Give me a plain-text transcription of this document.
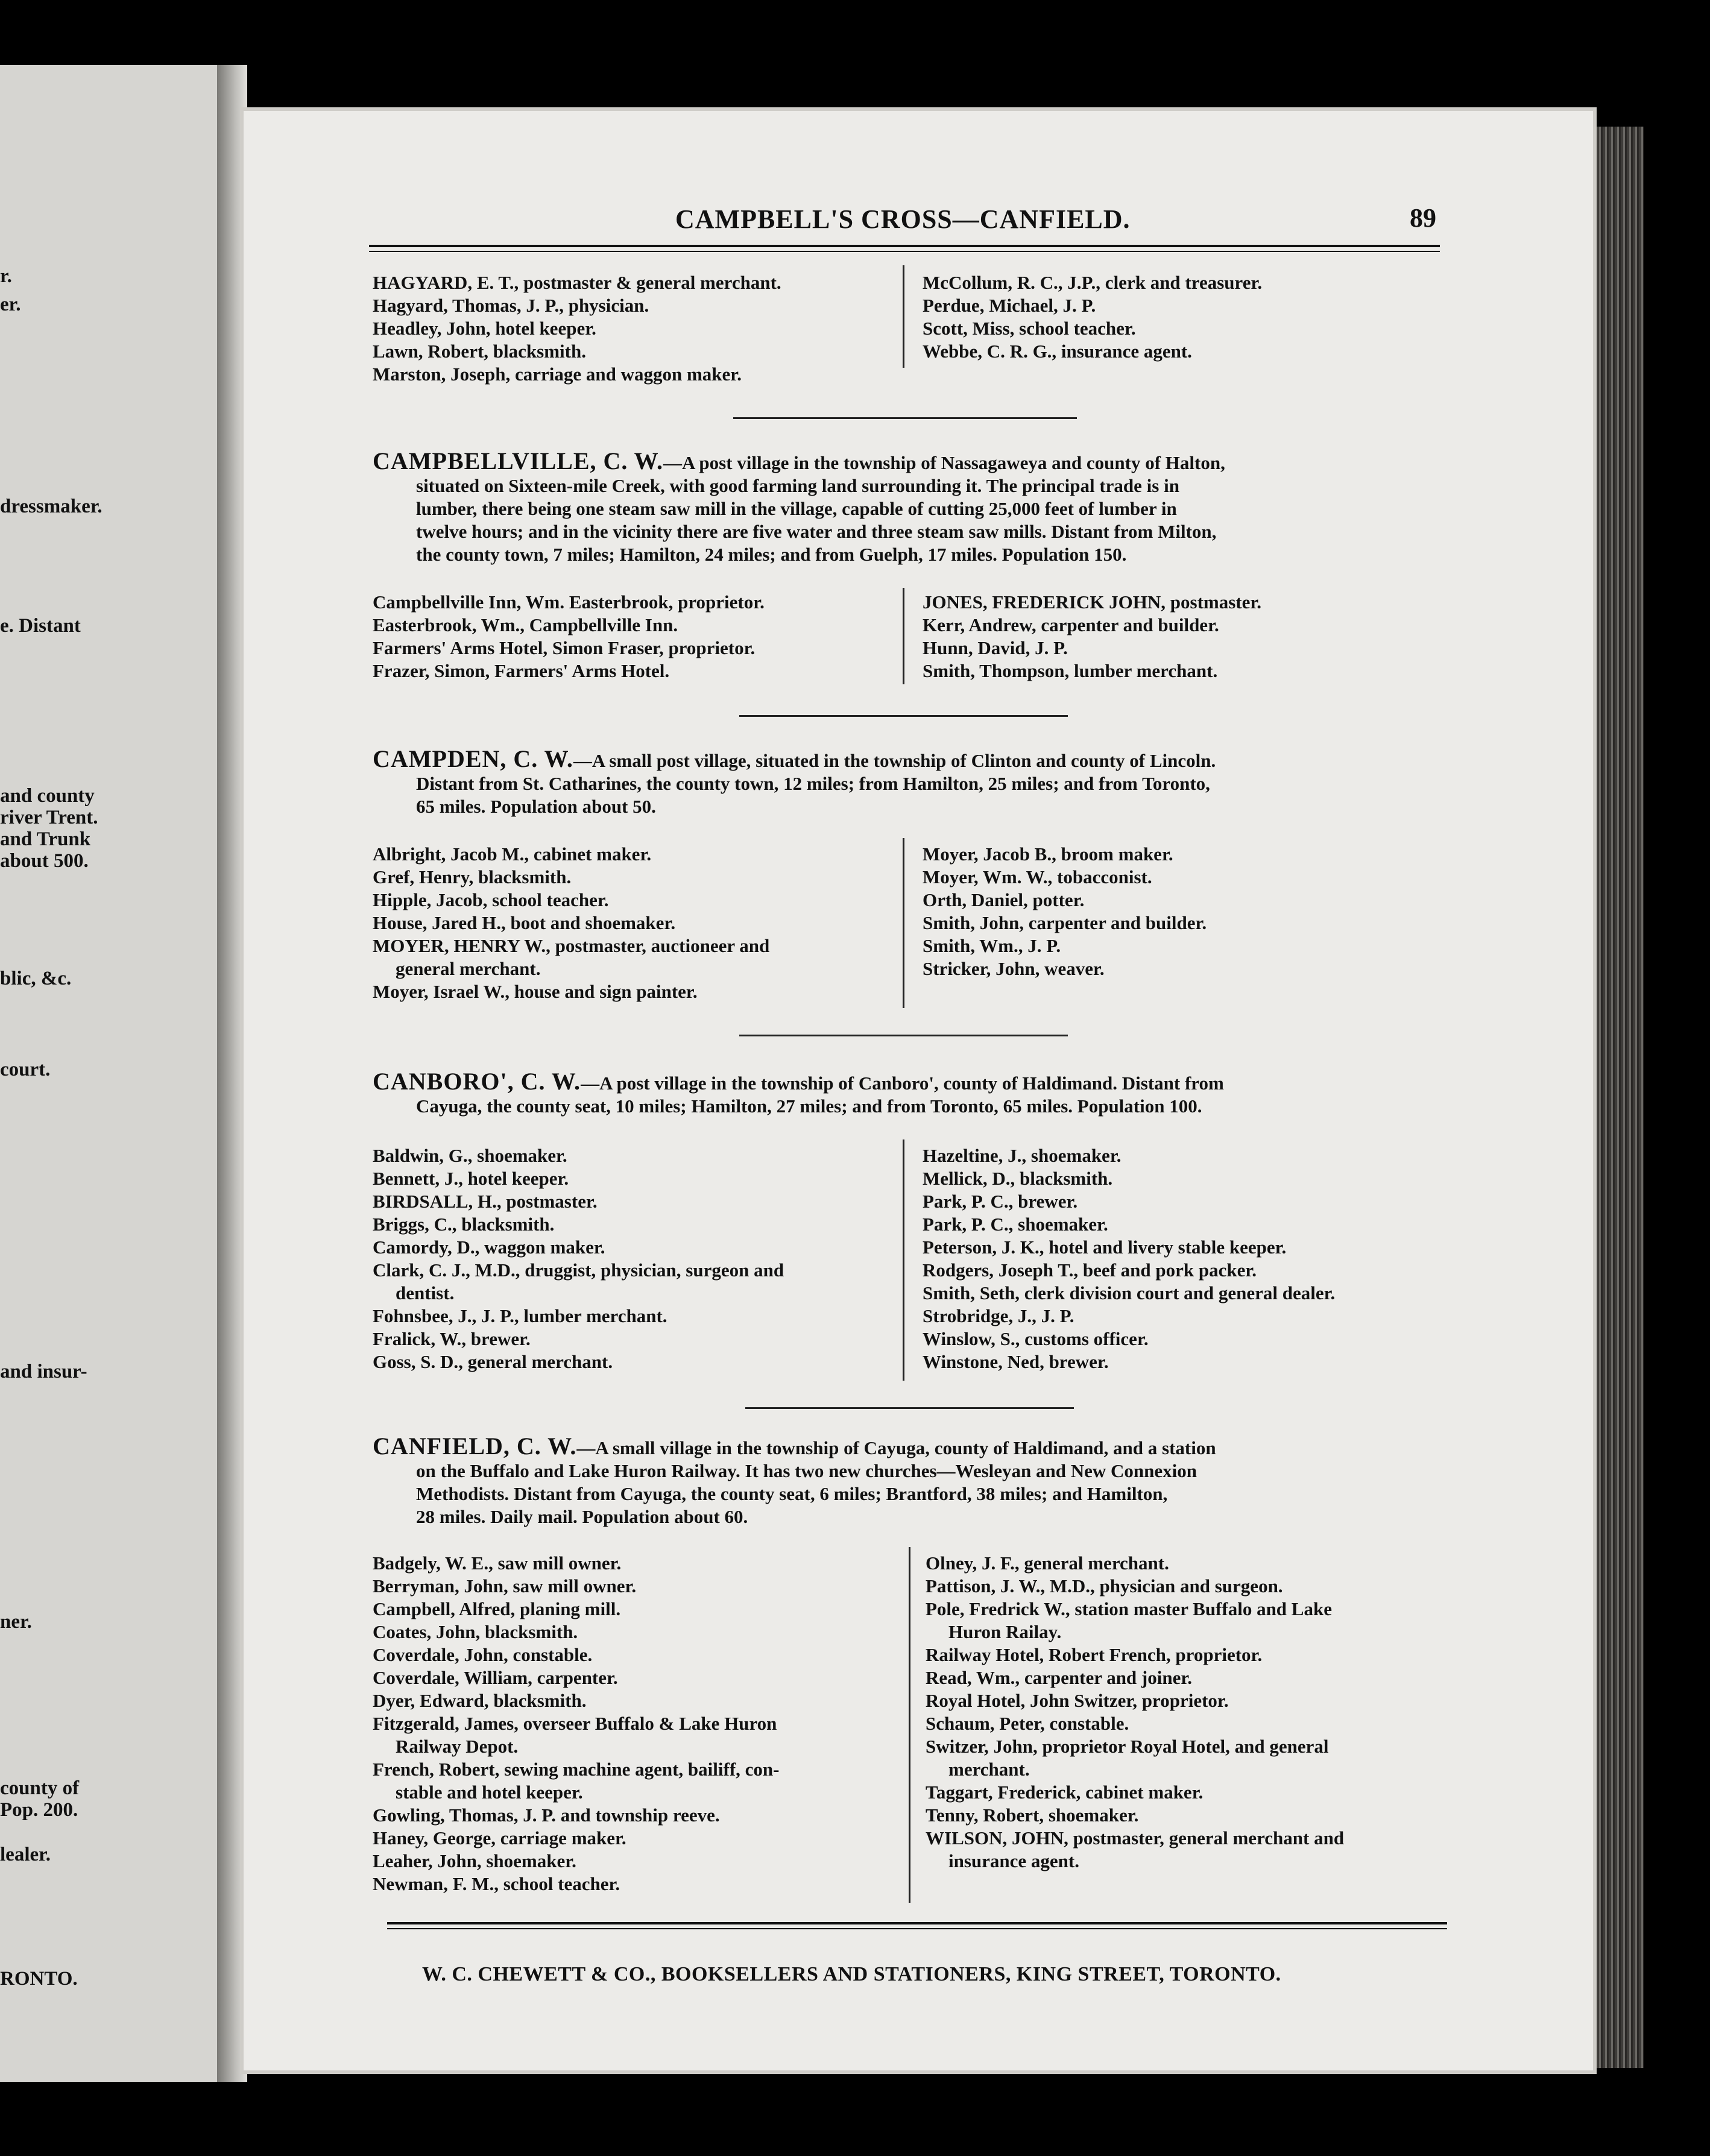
r.
er.
dressmaker.
e. Distant
and county
river Trent.
and Trunk
about 500.
blic, &c.
court.
and insur-
ner.
county of
Pop. 200.
lealer.
RONTO.
CAMPBELL'S CROSS—CANFIELD.	89
HAGYARD, E. T., postmaster & general merchant.
Hagyard, Thomas, J. P., physician.
Headley, John, hotel keeper.
Lawn, Robert, blacksmith.
Marston, Joseph, carriage and waggon maker.
McCollum, R. C., J.P., clerk and treasurer.
Perdue, Michael, J. P.
Scott, Miss, school teacher.
Webbe, C. R. G., insurance agent.
CAMPBELLVILLE, C. W.—A post village in the township of Nassagaweya and county of Halton,
situated on Sixteen-mile Creek, with good farming land surrounding it. The principal trade is in
lumber, there being one steam saw mill in the village, capable of cutting 25,000 feet of lumber in
twelve hours; and in the vicinity there are five water and three steam saw mills. Distant from Milton,
the county town, 7 miles; Hamilton, 24 miles; and from Guelph, 17 miles. Population 150.
Campbellville Inn, Wm. Easterbrook, proprietor.
Easterbrook, Wm., Campbellville Inn.
Farmers' Arms Hotel, Simon Fraser, proprietor.
Frazer, Simon, Farmers' Arms Hotel.
JONES, FREDERICK JOHN, postmaster.
Kerr, Andrew, carpenter and builder.
Hunn, David, J. P.
Smith, Thompson, lumber merchant.
CAMPDEN, C. W.—A small post village, situated in the township of Clinton and county of Lincoln.
Distant from St. Catharines, the county town, 12 miles; from Hamilton, 25 miles; and from Toronto,
65 miles. Population about 50.
Albright, Jacob M., cabinet maker.
Gref, Henry, blacksmith.
Hipple, Jacob, school teacher.
House, Jared H., boot and shoemaker.
MOYER, HENRY W., postmaster, auctioneer and
general merchant.
Moyer, Israel W., house and sign painter.
Moyer, Jacob B., broom maker.
Moyer, Wm. W., tobacconist.
Orth, Daniel, potter.
Smith, John, carpenter and builder.
Smith, Wm., J. P.
Stricker, John, weaver.
CANBORO', C. W.—A post village in the township of Canboro', county of Haldimand. Distant from
Cayuga, the county seat, 10 miles; Hamilton, 27 miles; and from Toronto, 65 miles. Population 100.
Baldwin, G., shoemaker.
Bennett, J., hotel keeper.
BIRDSALL, H., postmaster.
Briggs, C., blacksmith.
Camordy, D., waggon maker.
Clark, C. J., M.D., druggist, physician, surgeon and
dentist.
Fohnsbee, J., J. P., lumber merchant.
Fralick, W., brewer.
Goss, S. D., general merchant.
Hazeltine, J., shoemaker.
Mellick, D., blacksmith.
Park, P. C., brewer.
Park, P. C., shoemaker.
Peterson, J. K., hotel and livery stable keeper.
Rodgers, Joseph T., beef and pork packer.
Smith, Seth, clerk division court and general dealer.
Strobridge, J., J. P.
Winslow, S., customs officer.
Winstone, Ned, brewer.
CANFIELD, C. W.—A small village in the township of Cayuga, county of Haldimand, and a station
on the Buffalo and Lake Huron Railway. It has two new churches—Wesleyan and New Connexion
Methodists. Distant from Cayuga, the county seat, 6 miles; Brantford, 38 miles; and Hamilton,
28 miles. Daily mail. Population about 60.
Badgely, W. E., saw mill owner.
Berryman, John, saw mill owner.
Campbell, Alfred, planing mill.
Coates, John, blacksmith.
Coverdale, John, constable.
Coverdale, William, carpenter.
Dyer, Edward, blacksmith.
Fitzgerald, James, overseer Buffalo & Lake Huron
Railway Depot.
French, Robert, sewing machine agent, bailiff, con-
stable and hotel keeper.
Gowling, Thomas, J. P. and township reeve.
Haney, George, carriage maker.
Leaher, John, shoemaker.
Newman, F. M., school teacher.
Olney, J. F., general merchant.
Pattison, J. W., M.D., physician and surgeon.
Pole, Fredrick W., station master Buffalo and Lake
Huron Railay.
Railway Hotel, Robert French, proprietor.
Read, Wm., carpenter and joiner.
Royal Hotel, John Switzer, proprietor.
Schaum, Peter, constable.
Switzer, John, proprietor Royal Hotel, and general
merchant.
Taggart, Frederick, cabinet maker.
Tenny, Robert, shoemaker.
WILSON, JOHN, postmaster, general merchant and
insurance agent.
W. C. CHEWETT & CO., BOOKSELLERS AND STATIONERS, KING STREET, TORONTO.
